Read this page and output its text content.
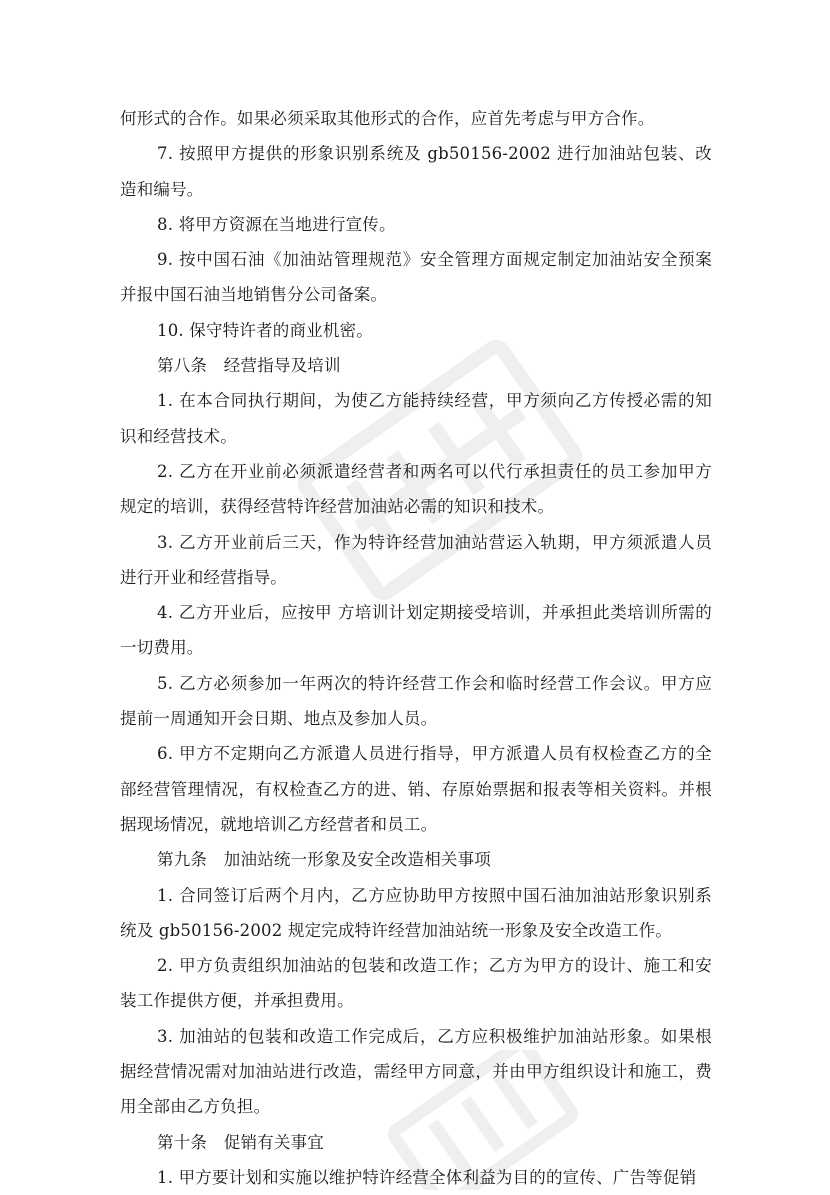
何形式的合作。如果必须采取其他形式的合作，应首先考虑与甲方合作。

7. 按照甲方提供的形象识别系统及 gb50156-2002 进行加油站包装、改造和编号。

8. 将甲方资源在当地进行宣传。

9. 按中国石油《加油站管理规范》安全管理方面规定制定加油站安全预案并报中国石油当地销售分公司备案。

10. 保守特许者的商业机密。

第八条　经营指导及培训

1. 在本合同执行期间，为使乙方能持续经营，甲方须向乙方传授必需的知识和经营技术。

2. 乙方在开业前必须派遣经营者和两名可以代行承担责任的员工参加甲方规定的培训，获得经营特许经营加油站必需的知识和技术。

3. 乙方开业前后三天，作为特许经营加油站营运入轨期，甲方须派遣人员进行开业和经营指导。

4. 乙方开业后，应按甲 方培训计划定期接受培训，并承担此类培训所需的一切费用。

5. 乙方必须参加一年两次的特许经营工作会和临时经营工作会议。甲方应提前一周通知开会日期、地点及参加人员。

6. 甲方不定期向乙方派遣人员进行指导，甲方派遣人员有权检查乙方的全部经营管理情况，有权检查乙方的进、销、存原始票据和报表等相关资料。并根据现场情况，就地培训乙方经营者和员工。

第九条　加油站统一形象及安全改造相关事项

1. 合同签订后两个月内，乙方应协助甲方按照中国石油加油站形象识别系统及 gb50156-2002 规定完成特许经营加油站统一形象及安全改造工作。

2. 甲方负责组织加油站的包装和改造工作；乙方为甲方的设计、施工和安装工作提供方便，并承担费用。

3. 加油站的包装和改造工作完成后，乙方应积极维护加油站形象。如果根据经营情况需对加油站进行改造，需经甲方同意，并由甲方组织设计和施工，费用全部由乙方负担。

第十条　促销有关事宜

1. 甲方要计划和实施以维护特许经营全体利益为目的的宣传、广告等促销
